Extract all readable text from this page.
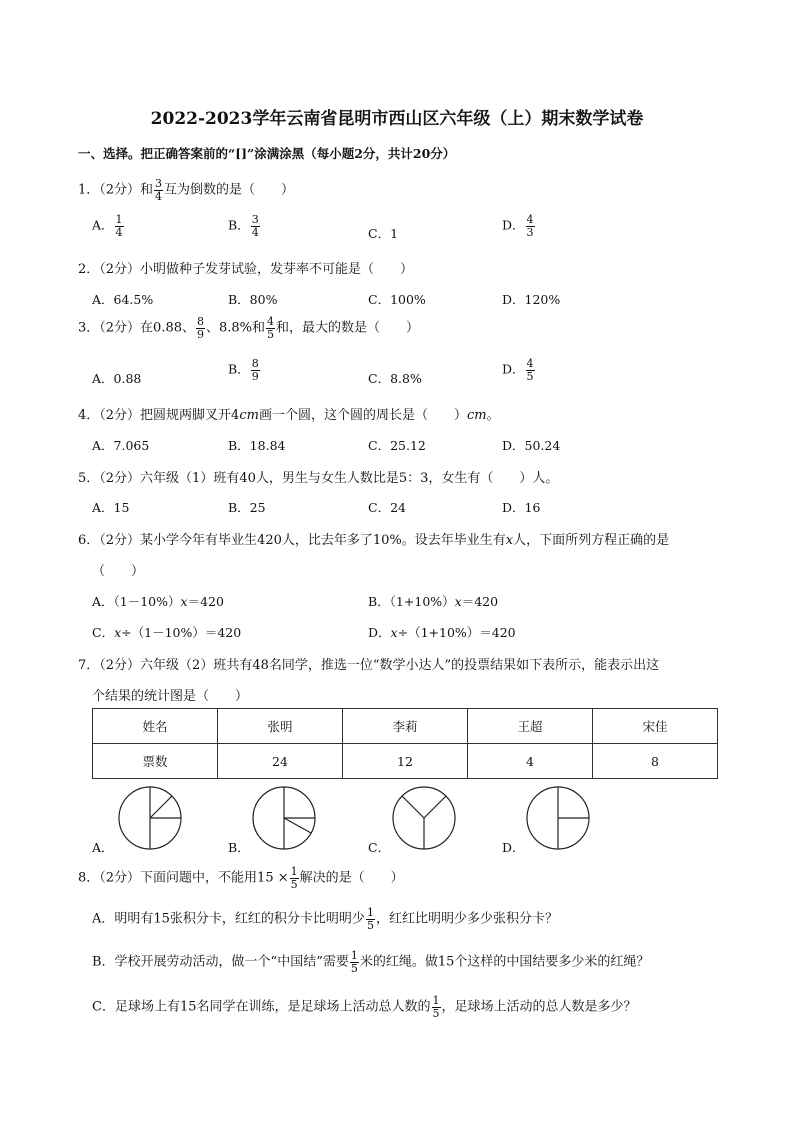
2022-2023学年云南省昆明市西山区六年级（上）期末数学试卷
一、选择。把正确答案前的“[]”涂满涂黑（每小题2分，共计20分）
1．（2分）和 $\frac{3}{4}$ 互为倒数的是（　　）
A． $\frac{1}{4}$	B． $\frac{3}{4}$	C．1
D． $\frac{4}{3}$
2．（2分）小明做种子发芽试验，发芽率不可能是（　　）
A．64.5%	B．80%	C．100%	D．120%
3．（2分）在0.88、 $\frac{8}{9}$ 、8.8%和 $\frac{4}{5}$ 和，最大的数是（　　）
A．0.88
B． $\frac{8}{9}$	C．8.8%
D． $\frac{4}{5}$
4．（2分）把圆规两脚叉开4cm画一个圆，这个圆的周长是（　　）cm。
A．7.065	B．18.84	C．25.12	D．50.24
5．（2分）六年级（1）班有40人，男生与女生人数比是5：3，女生有（　　）人。
A．15	B．25	C．24	D．16
6．（2分）某小学今年有毕业生420人，比去年多了10%。设去年毕业生有x人，下面所列方程正确的是
（　　）
A．（1－10%）x＝420	B．（1+10%）x＝420
C．x÷（1－10%）＝420	D．x÷（1+10%）＝420
7．（2分）六年级（2）班共有48名同学，推选一位“数学小达人”的投票结果如下表所示，能表示出这
个结果的统计图是（　　）
姓名	张明	李莉	王超	宋佳
票数	24	12	4	8
A．	B．	C．	D．
8．（2分）下面问题中，不能用$15 \times \frac{1}{5}$ 解决的是（　　）
A．明明有15张积分卡，红红的积分卡比明明少 $\frac{1}{5}$ ，红红比明明少多少张积分卡？
B．学校开展劳动活动，做一个“中国结”需要 $\frac{1}{5}$ 米的红绳。做15个这样的中国结要多少米的红绳？
C．足球场上有15名同学在训练，是足球场上活动总人数的 $\frac{1}{5}$ ，足球场上活动的总人数是多少？
